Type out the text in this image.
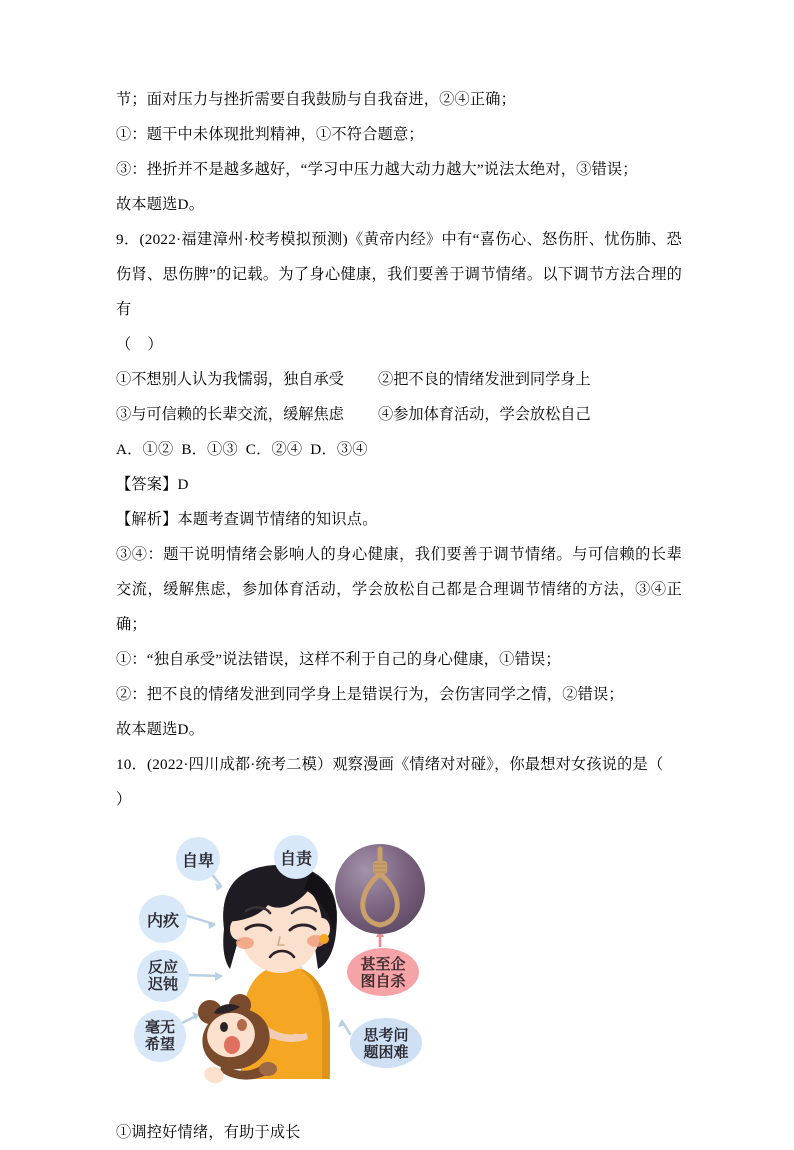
节；面对压力与挫折需要自我鼓励与自我奋进，②④正确；
①：题干中未体现批判精神，①不符合题意；
③：挫折并不是越多越好，“学习中压力越大动力越大”说法太绝对，③错误；
故本题选D。
9．(2022·福建漳州·校考模拟预测)《黄帝内经》中有“喜伤心、怒伤肝、忧伤肺、恐伤肾、思伤脾”的记载。为了身心健康，我们要善于调节情绪。以下调节方法合理的有
（    ）
①不想别人认为我懦弱，独自承受	②把不良的情绪发泄到同学身上
③与可信赖的长辈交流，缓解焦虑	④参加体育活动，学会放松自己
A．①②  B．①③  C．②④  D．③④
【答案】D
【解析】本题考查调节情绪的知识点。
③④：题干说明情绪会影响人的身心健康，我们要善于调节情绪。与可信赖的长辈交流，缓解焦虑，参加体育活动，学会放松自己都是合理调节情绪的方法，③④正确；
①：“独自承受”说法错误，这样不利于自己的身心健康，①错误；
②：把不良的情绪发泄到同学身上是错误行为，会伤害同学之情，②错误；
故本题选D。
10．(2022·四川成都·统考二模）观察漫画《情绪对对碰》，你最想对女孩说的是（
）
自卑	自责
内疚
反应
迟钝
毫无
希望
甚至企
图自杀
思考问
题困难
①调控好情绪，有助于成长
